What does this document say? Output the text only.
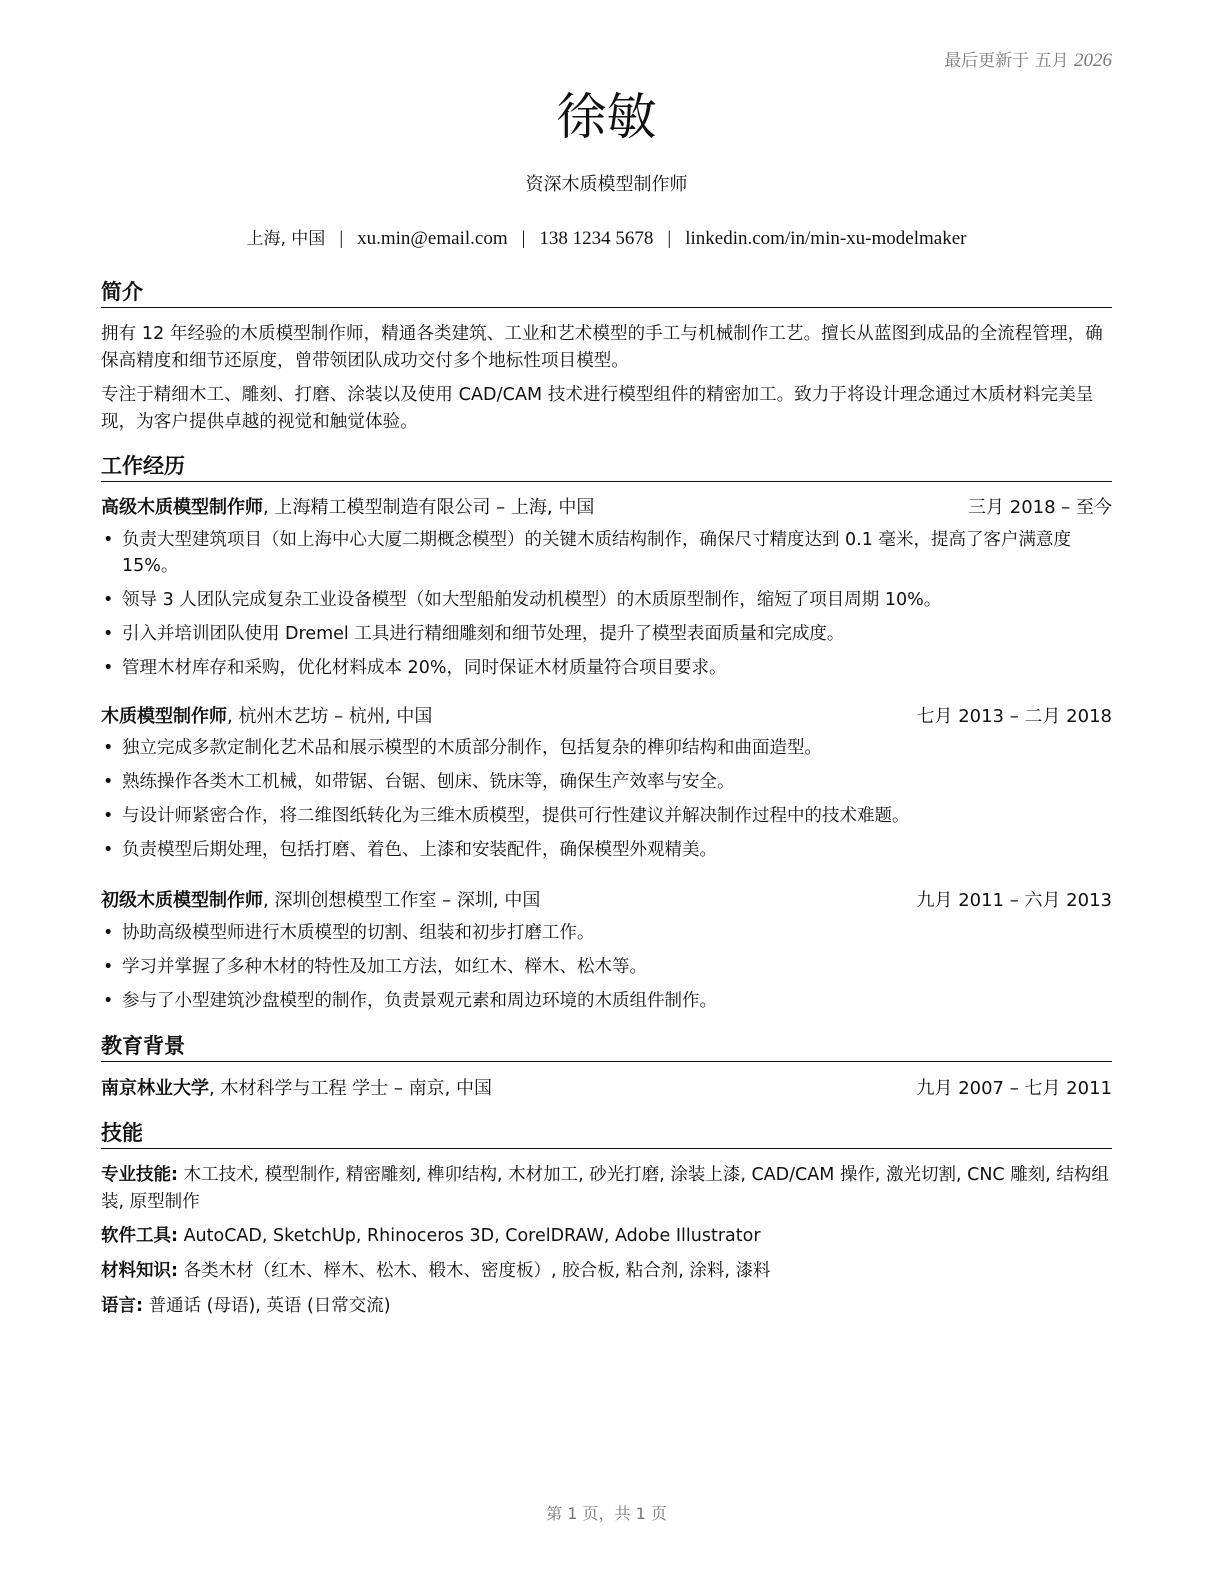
最后更新于 五月 2026
徐敏
资深木质模型制作师
上海, 中国 | xu.min@email.com | 138 1234 5678 | linkedin.com/in/min-xu-modelmaker
简介

拥有 12 年经验的木质模型制作师，精通各类建筑、工业和艺术模型的手工与机械制作工艺。擅长从蓝图到成品的全流程管理，确保高精度和细节还原度，曾带领团队成功交付多个地标性项目模型。

专注于精细木工、雕刻、打磨、涂装以及使用 CAD/CAM 技术进行模型组件的精密加工。致力于将设计理念通过木质材料完美呈现，为客户提供卓越的视觉和触觉体验。

工作经历
高级木质模型制作师, 上海精工模型制造有限公司 – 上海, 中国	三月 2018 – 至今
• 负责大型建筑项目（如上海中心大厦二期概念模型）的关键木质结构制作，确保尺寸精度达到 0.1 毫米，提高了客户满意度 15%。
• 领导 3 人团队完成复杂工业设备模型（如大型船舶发动机模型）的木质原型制作，缩短了项目周期 10%。
• 引入并培训团队使用 Dremel 工具进行精细雕刻和细节处理，提升了模型表面质量和完成度。
• 管理木材库存和采购，优化材料成本 20%，同时保证木材质量符合项目要求。
木质模型制作师, 杭州木艺坊 – 杭州, 中国	七月 2013 – 二月 2018
• 独立完成多款定制化艺术品和展示模型的木质部分制作，包括复杂的榫卯结构和曲面造型。
• 熟练操作各类木工机械，如带锯、台锯、刨床、铣床等，确保生产效率与安全。
• 与设计师紧密合作，将二维图纸转化为三维木质模型，提供可行性建议并解决制作过程中的技术难题。
• 负责模型后期处理，包括打磨、着色、上漆和安装配件，确保模型外观精美。
初级木质模型制作师, 深圳创想模型工作室 – 深圳, 中国	九月 2011 – 六月 2013
• 协助高级模型师进行木质模型的切割、组装和初步打磨工作。
• 学习并掌握了多种木材的特性及加工方法，如红木、榉木、松木等。
• 参与了小型建筑沙盘模型的制作，负责景观元素和周边环境的木质组件制作。
教育背景
南京林业大学, 木材科学与工程 学士 – 南京, 中国	九月 2007 – 七月 2011
技能
专业技能: 木工技术, 模型制作, 精密雕刻, 榫卯结构, 木材加工, 砂光打磨, 涂装上漆, CAD/CAM 操作, 激光切割, CNC 雕刻, 结构组装, 原型制作
软件工具: AutoCAD, SketchUp, Rhinoceros 3D, CorelDRAW, Adobe Illustrator
材料知识: 各类木材（红木、榉木、松木、椴木、密度板）, 胶合板, 粘合剂, 涂料, 漆料
语言: 普通话 (母语), 英语 (日常交流)
第 1 页，共 1 页
